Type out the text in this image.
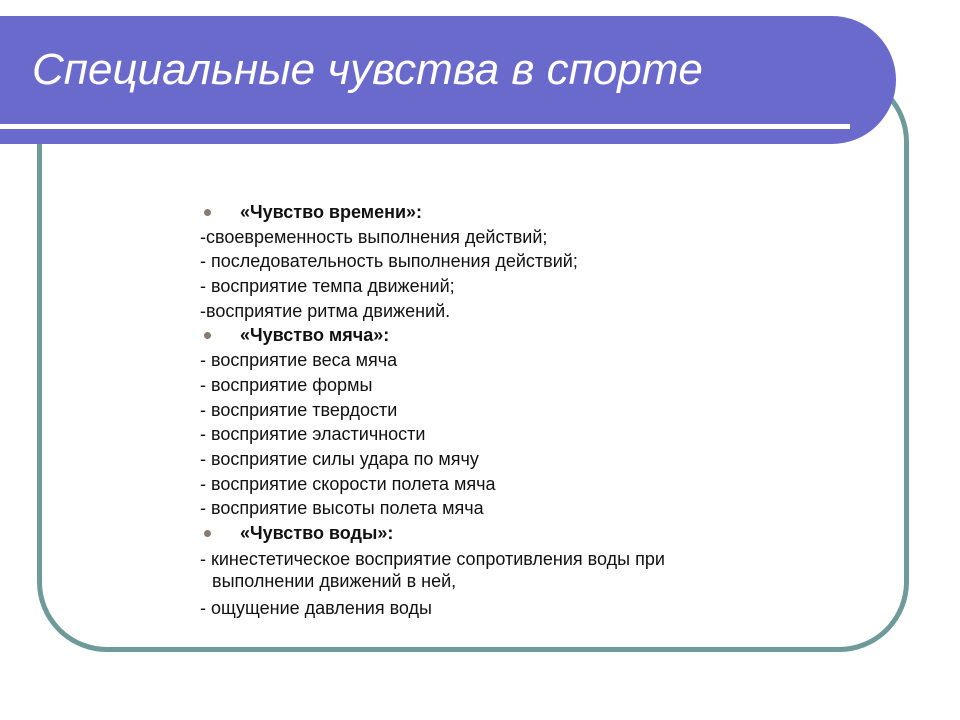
Специальные чувства в спорте
«Чувство времени»:
-своевременность выполнения действий;
- последовательность выполнения действий;
- восприятие темпа движений;
-восприятие ритма движений.
«Чувство мяча»:
- восприятие веса мяча
- восприятие формы
- восприятие твердости
- восприятие эластичности
- восприятие силы удара по мячу
- восприятие скорости полета мяча
- восприятие высоты полета мяча
«Чувство воды»:
- кинестетическое восприятие сопротивления воды при выполнении движений в ней,
- ощущение давления воды
